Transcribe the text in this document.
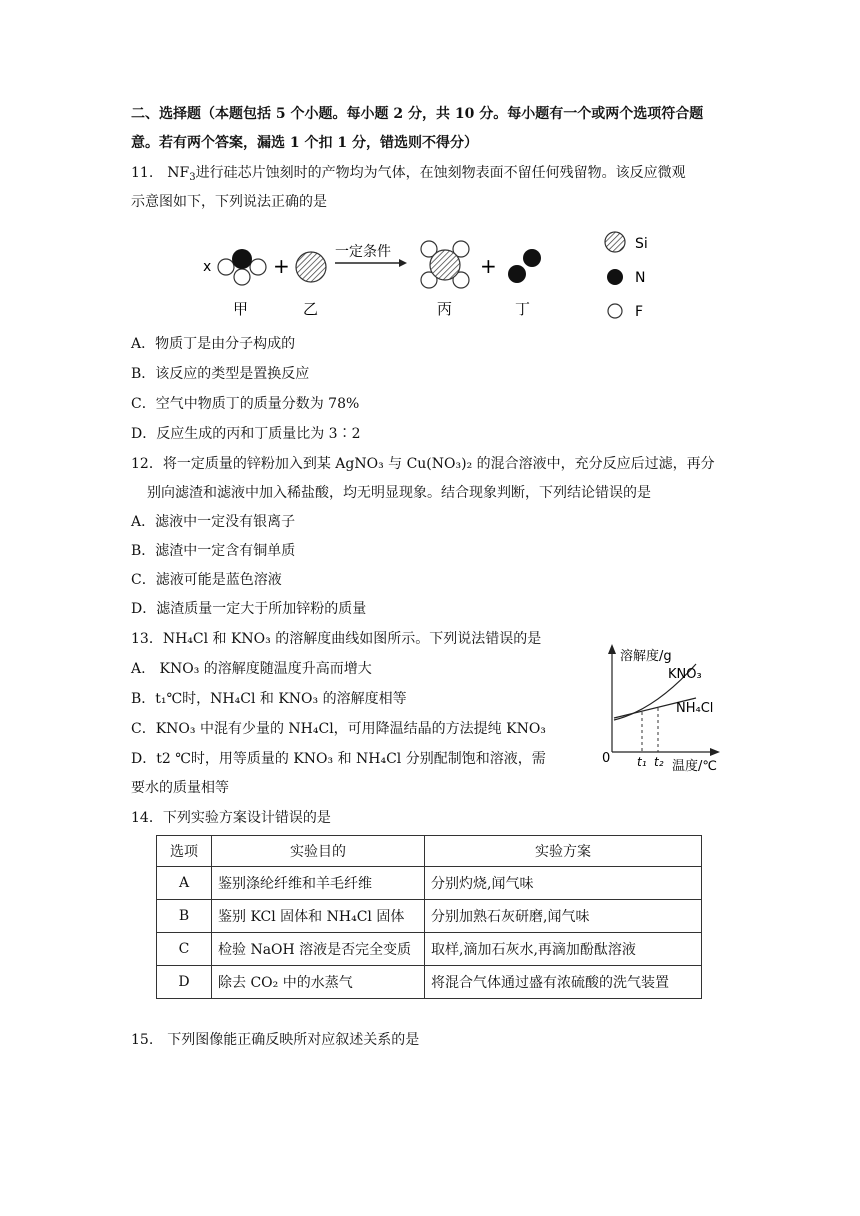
二、选择题（本题包括 5 个小题。每小题 2 分，共 10 分。每小题有一个或两个选项符合题
意。若有两个答案，漏选 1 个扣 1 分，错选则不得分）
11.　$NF_3$进行硅芯片蚀刻时的产物均为气体，在蚀刻物表面不留任何残留物。该反应微观
示意图如下，下列说法正确的是
x	+
一定条件
+
甲	乙	丙	丁
Si
N
F
A．物质丁是由分子构成的
B．该反应的类型是置换反应
C．空气中物质丁的质量分数为 78%
D．反应生成的丙和丁质量比为 3∶2
12．将一定质量的锌粉加入到某 AgNO₃ 与 Cu(NO₃)₂ 的混合溶液中，充分反应后过滤，再分
别向滤渣和滤液中加入稀盐酸，均无明显现象。结合现象判断，下列结论错误的是
A．滤液中一定没有银离子
B．滤渣中一定含有铜单质
C．滤液可能是蓝色溶液
D．滤渣质量一定大于所加锌粉的质量
13．NH₄Cl 和 KNO₃ 的溶解度曲线如图所示。下列说法错误的是
A.　KNO₃ 的溶解度随温度升高而增大
B．t₁℃时，NH₄Cl 和 KNO₃ 的溶解度相等
C．KNO₃ 中混有少量的 NH₄Cl，可用降温结晶的方法提纯 KNO₃
D．t2 ℃时，用等质量的 KNO₃ 和 NH₄Cl 分别配制饱和溶液，需
要水的质量相等
溶解度/g
0
KNO₃
NH₄Cl
t₁ t₂ 温度/℃
14．下列实验方案设计错误的是
选项	实验目的	实验方案
A	鉴别涤纶纤维和羊毛纤维	分别灼烧,闻气味
B	鉴别 KCl 固体和 NH₄Cl 固体	分别加熟石灰研磨,闻气味
C	检验 NaOH 溶液是否完全变质	取样,滴加石灰水,再滴加酚酞溶液
D	除去 CO₂ 中的水蒸气	将混合气体通过盛有浓硫酸的洗气装置
15.　下列图像能正确反映所对应叙述关系的是
